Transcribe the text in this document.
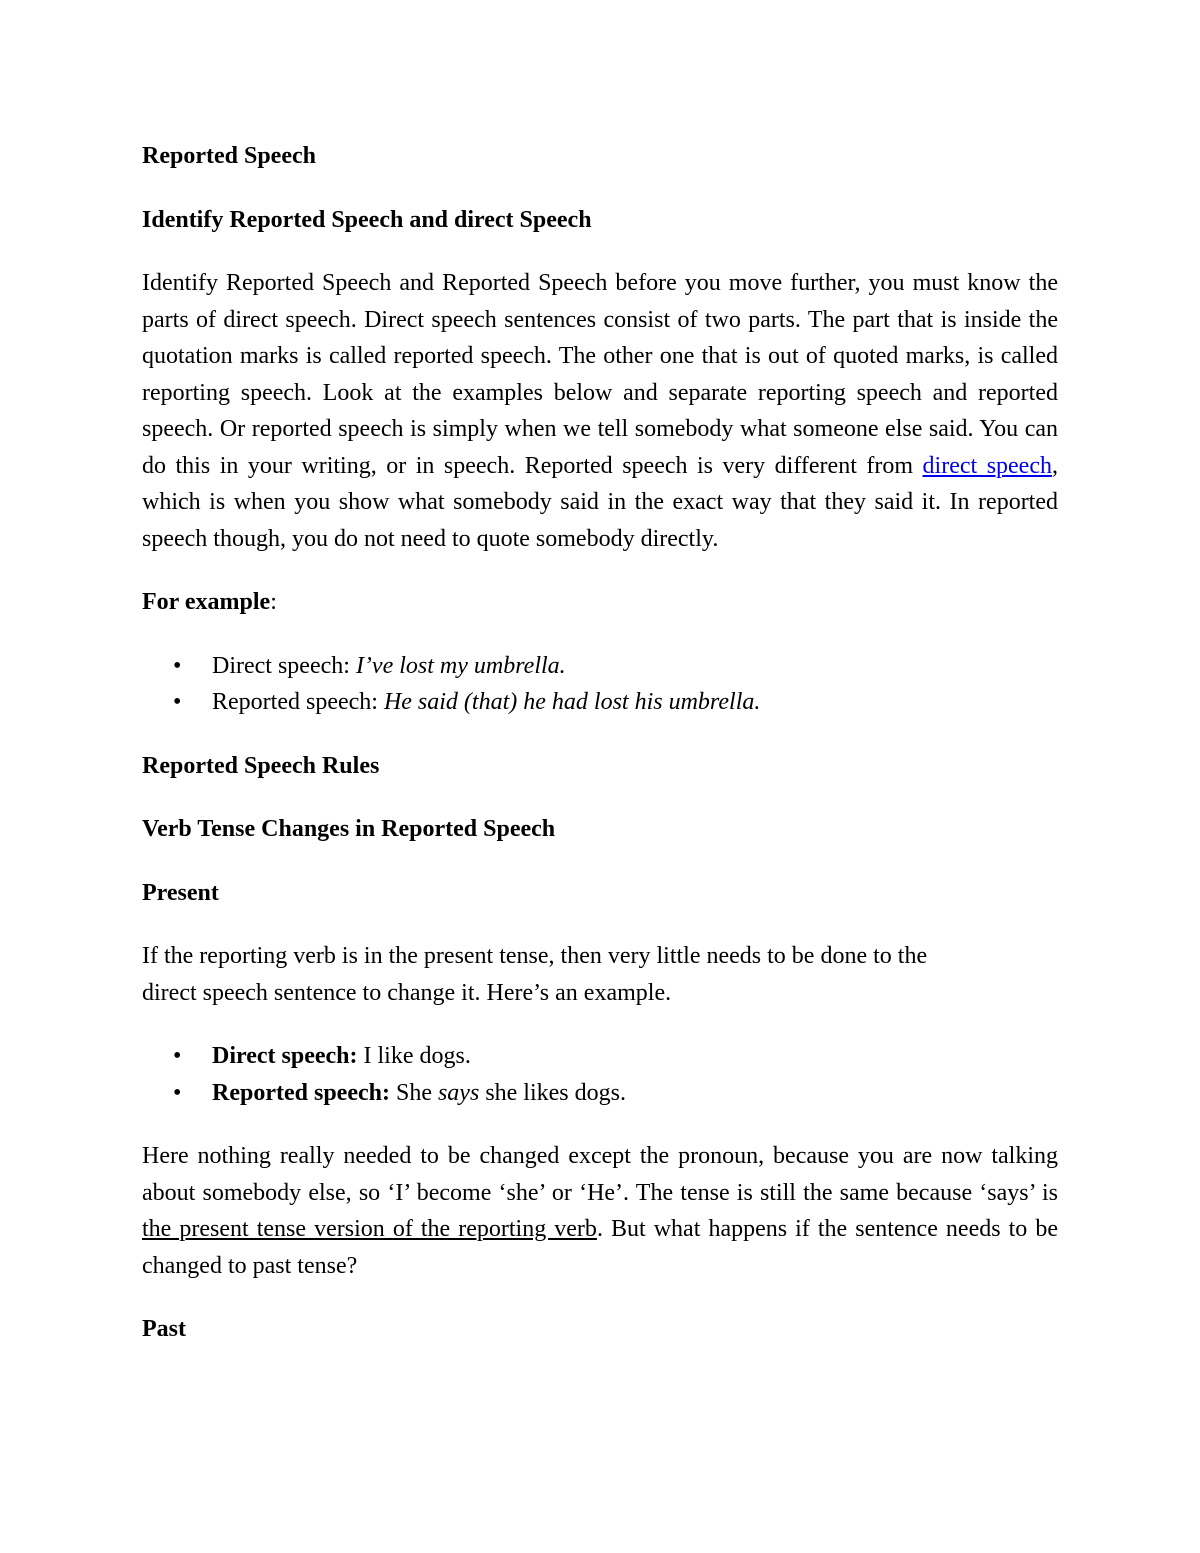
Reported Speech
Identify Reported Speech and direct Speech

Identify Reported Speech and Reported Speech before you move further, you must know the parts of direct speech. Direct speech sentences consist of two parts. The part that is inside the quotation marks is called reported speech. The other one that is out of quoted marks, is called reporting speech. Look at the examples below and separate reporting speech and reported speech. Or reported speech is simply when we tell somebody what someone else said. You can do this in your writing, or in speech. Reported speech is very different from direct speech, which is when you show what somebody said in the exact way that they said it. In reported speech though, you do not need to quote somebody directly.

For example:

• Direct speech: I’ve lost my umbrella.
• Reported speech: He said (that) he had lost his umbrella.
Reported Speech Rules
Verb Tense Changes in Reported Speech
Present

If the reporting verb is in the present tense, then very little needs to be done to the
direct speech sentence to change it. Here’s an example.

• Direct speech: I like dogs.
• Reported speech: She says she likes dogs.

Here nothing really needed to be changed except the pronoun, because you are now talking about somebody else, so ‘I’ become ‘she’ or ‘He’. The tense is still the same because ‘says’ is the present tense version of the reporting verb. But what happens if the sentence needs to be changed to past tense?

Past
